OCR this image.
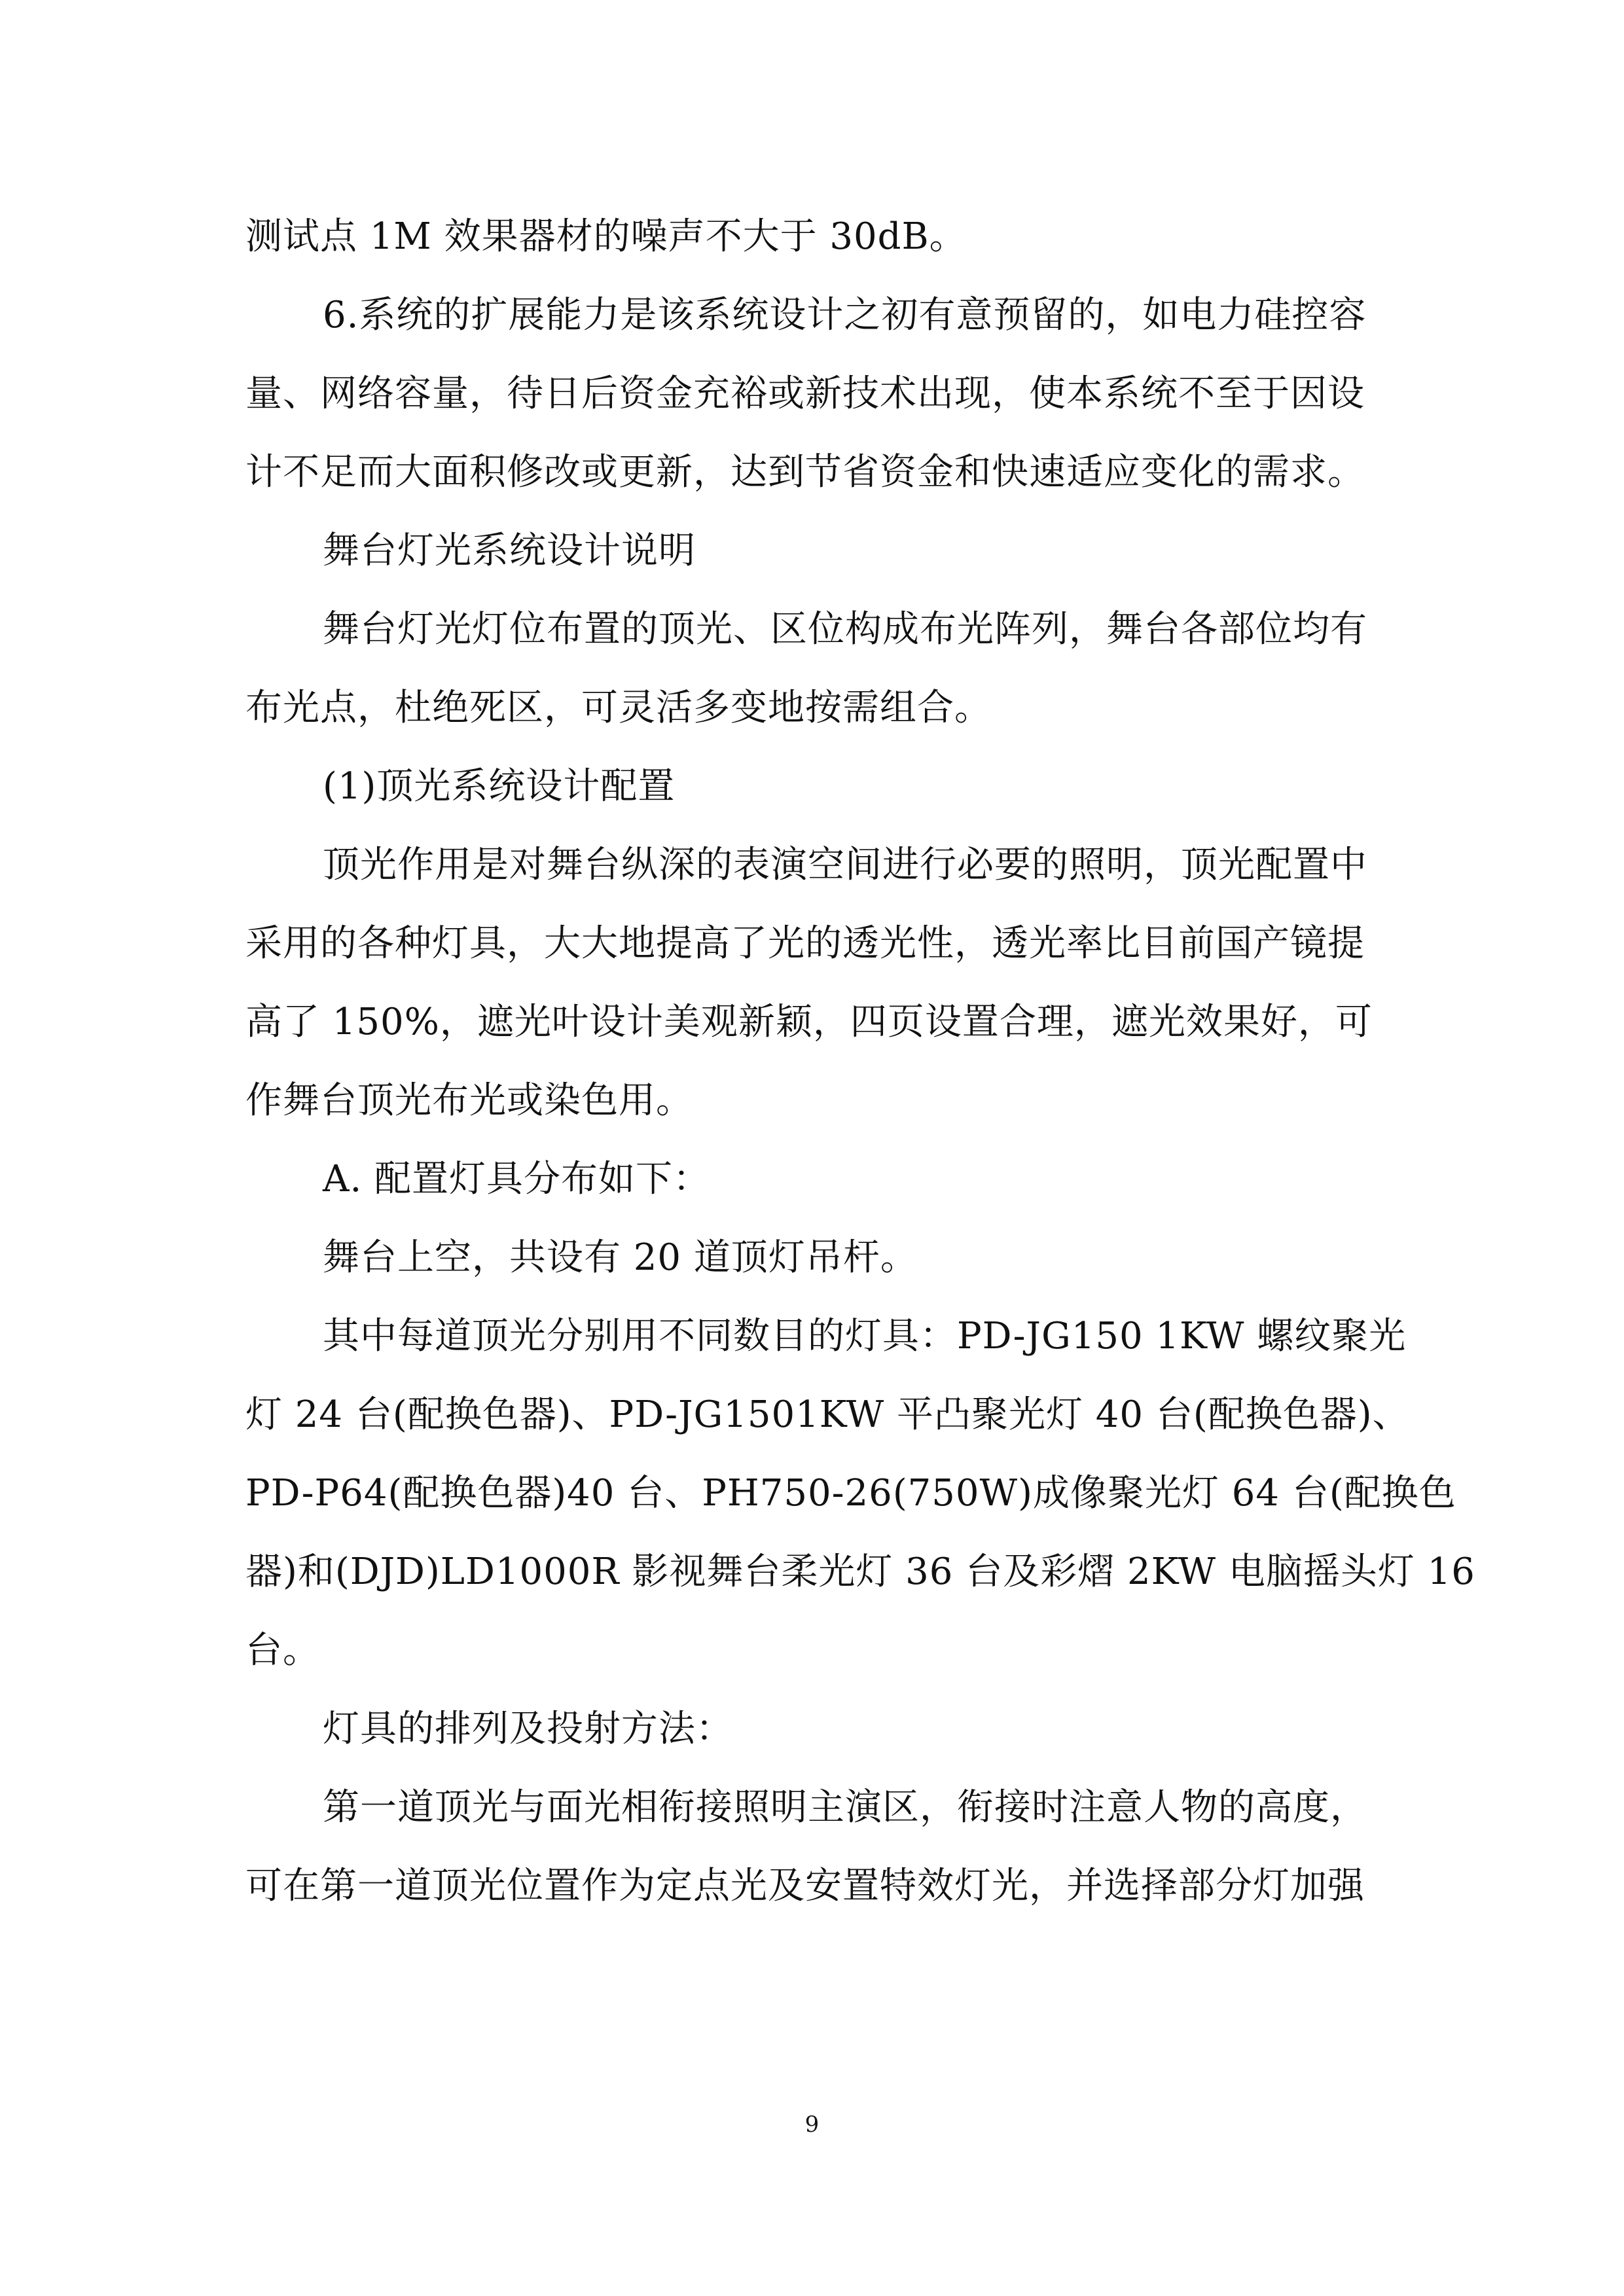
测试点 1M 效果器材的噪声不大于 30dB。
6.系统的扩展能力是该系统设计之初有意预留的，如电力硅控容
量、网络容量，待日后资金充裕或新技术出现，使本系统不至于因设
计不足而大面积修改或更新，达到节省资金和快速适应变化的需求。
舞台灯光系统设计说明
舞台灯光灯位布置的顶光、区位构成布光阵列，舞台各部位均有
布光点，杜绝死区，可灵活多变地按需组合。
(1)顶光系统设计配置
顶光作用是对舞台纵深的表演空间进行必要的照明，顶光配置中
采用的各种灯具，大大地提高了光的透光性，透光率比目前国产镜提
高了 150%，遮光叶设计美观新颖，四页设置合理，遮光效果好，可
作舞台顶光布光或染色用。
A. 配置灯具分布如下：
舞台上空，共设有 20 道顶灯吊杆。
其中每道顶光分别用不同数目的灯具：PD-JG150 1KW 螺纹聚光
灯 24 台(配换色器)、PD-JG1501KW 平凸聚光灯 40 台(配换色器)、
PD-P64(配换色器)40 台、PH750-26(750W)成像聚光灯 64 台(配换色
器)和(DJD)LD1000R 影视舞台柔光灯 36 台及彩熠 2KW 电脑摇头灯 16
台。
灯具的排列及投射方法：
第一道顶光与面光相衔接照明主演区，衔接时注意人物的高度，
可在第一道顶光位置作为定点光及安置特效灯光，并选择部分灯加强
9
